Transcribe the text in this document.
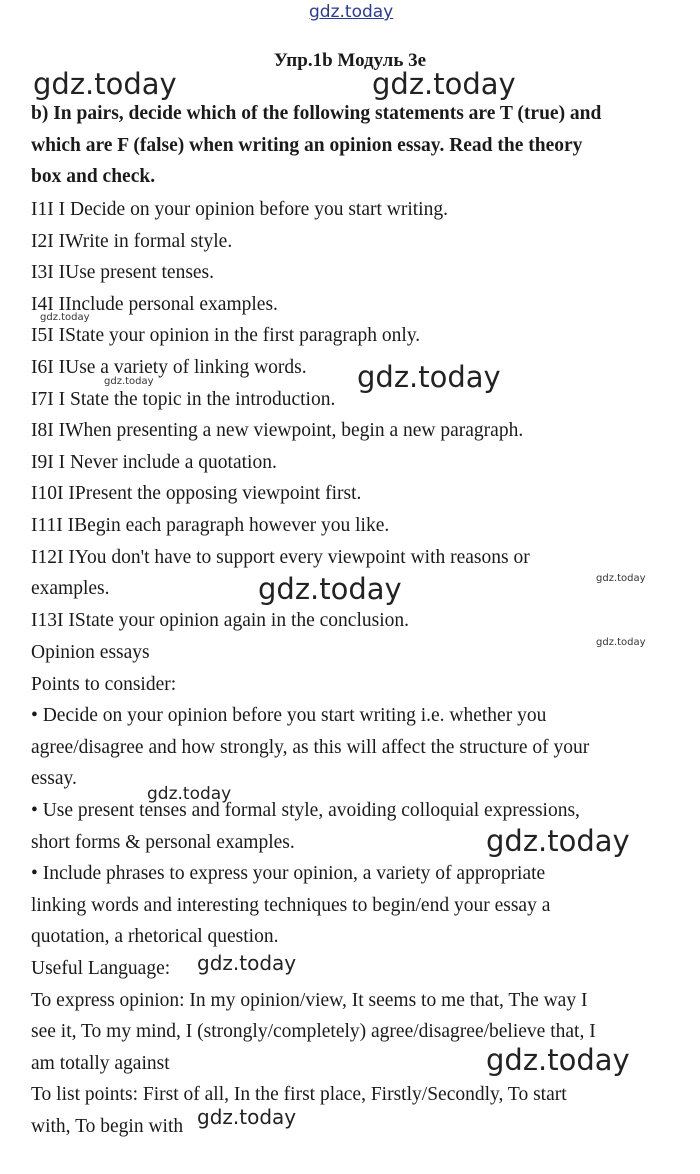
Упр.1b Модуль 3е
b) In pairs, decide which of the following statements are T (true) and
which are F (false) when writing an opinion essay. Read the theory
box and check.
I1I I Decide on your opinion before you start writing.
I2I IWrite in formal style.
I3I IUse present tenses.
I4I IInclude personal examples.
I5I IState your opinion in the first paragraph only.
I6I IUse a variety of linking words.
I7I I State the topic in the introduction.
I8I IWhen presenting a new viewpoint, begin a new paragraph.
I9I I Never include a quotation.
I10I IPresent the opposing viewpoint first.
I11I IBegin each paragraph however you like.
I12I IYou don't have to support every viewpoint with reasons or
examples.
I13I IState your opinion again in the conclusion.
Opinion essays
Points to consider:
• Decide on your opinion before you start writing i.e. whether you
agree/disagree and how strongly, as this will affect the structure of your
essay.
• Use present tenses and formal style, avoiding colloquial expressions,
short forms & personal examples.
• Include phrases to express your opinion, a variety of appropriate
linking words and interesting techniques to begin/end your essay a
quotation, a rhetorical question.
Useful Language:
To express opinion: In my opinion/view, It seems to me that, The way I
see it, To my mind, I (strongly/completely) agree/disagree/believe that, I
am totally against
To list points: First of all, In the first place, Firstly/Secondly, To start
with, To begin with
gdz.today
gdz.today	gdz.today
gdz.today
gdz.today
gdz.today
gdz.today
gdz.today
gdz.today
gdz.today
gdz.today
gdz.today
gdz.today
gdz.today
